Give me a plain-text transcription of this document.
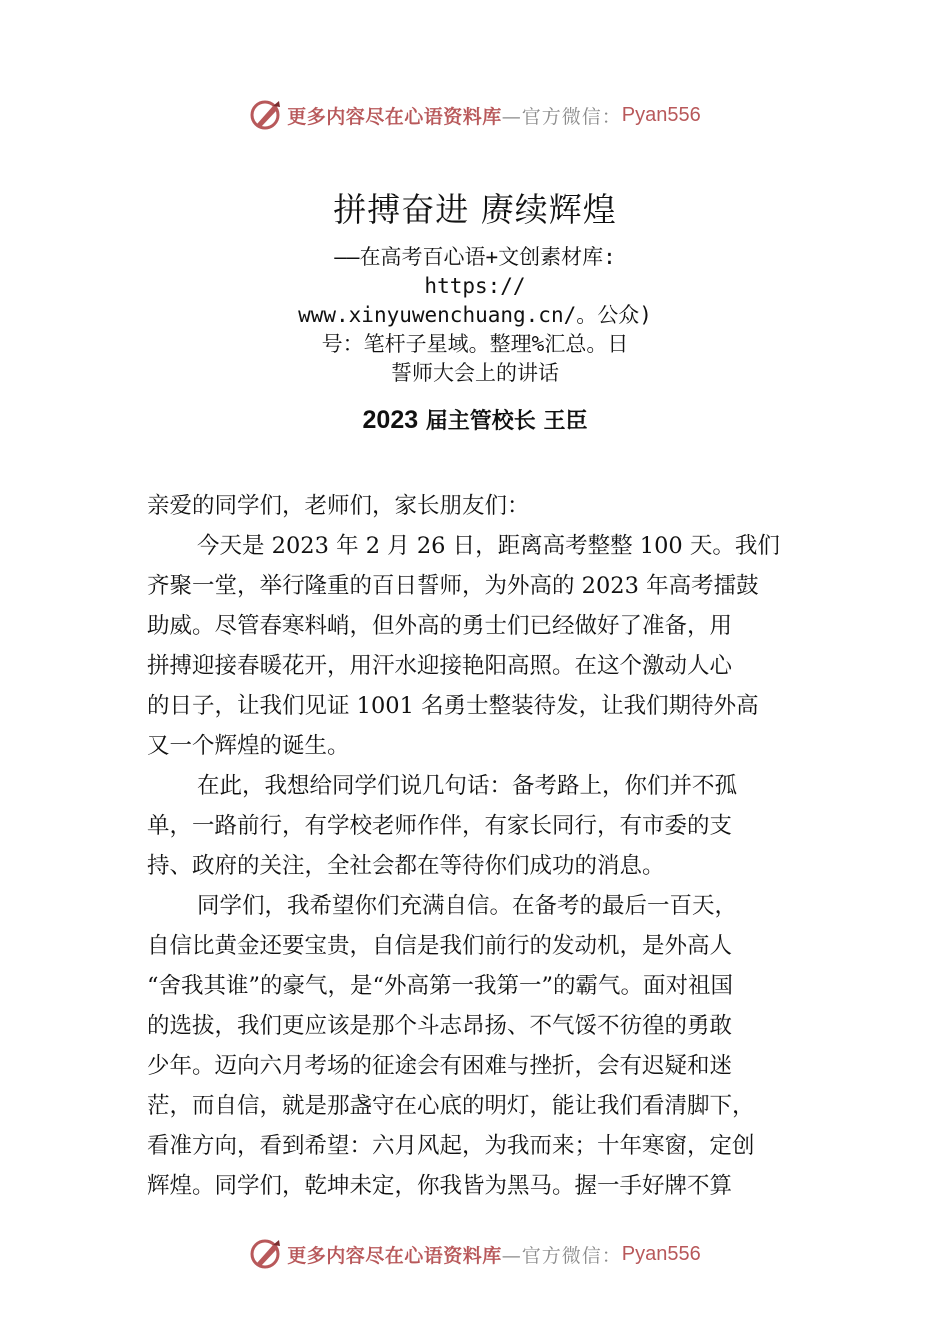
更多内容尽在心语资料库 —官方微信： Pyan556
拼搏奋进 赓续辉煌
——在高考百心语+文创素材库:
https://
www.xinyuwenchuang.cn/。公众)
号：笔杆子星域。整理%汇总。日
誓师大会上的讲话
2023 届主管校长 王臣
亲爱的同学们，老师们，家长朋友们：
今天是 2023 年 2 月 26 日，距离高考整整 100 天。我们
齐聚一堂，举行隆重的百日誓师，为外高的 2023 年高考擂鼓
助威。尽管春寒料峭，但外高的勇士们已经做好了准备，用
拼搏迎接春暖花开，用汗水迎接艳阳高照。在这个激动人心
的日子，让我们见证 1001 名勇士整装待发，让我们期待外高
又一个辉煌的诞生。
在此，我想给同学们说几句话：备考路上，你们并不孤
单，一路前行，有学校老师作伴，有家长同行，有市委的支
持、政府的关注，全社会都在等待你们成功的消息。
同学们，我希望你们充满自信。在备考的最后一百天，
自信比黄金还要宝贵，自信是我们前行的发动机，是外高人
“舍我其谁”的豪气，是“外高第一我第一”的霸气。面对祖国
的选拔，我们更应该是那个斗志昂扬、不气馁不彷徨的勇敢
少年。迈向六月考场的征途会有困难与挫折，会有迟疑和迷
茫，而自信，就是那盏守在心底的明灯，能让我们看清脚下，
看准方向，看到希望：六月风起，为我而来；十年寒窗，定创
辉煌。同学们，乾坤未定，你我皆为黑马。握一手好牌不算
更多内容尽在心语资料库 —官方微信： Pyan556
